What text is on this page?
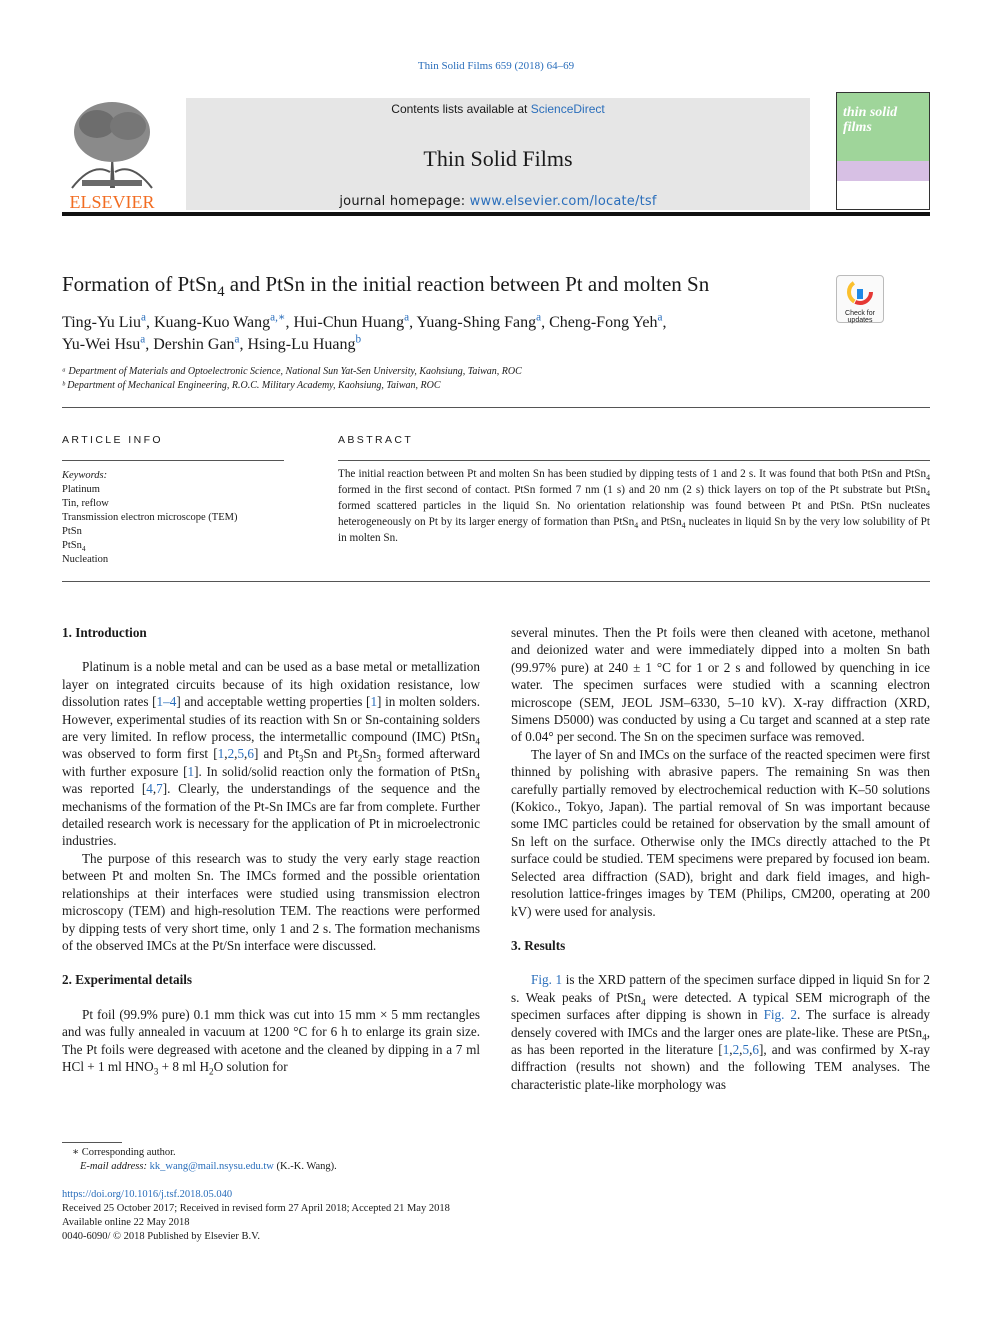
Thin Solid Films 659 (2018) 64–69
ELSEVIER
Contents lists available at ScienceDirect
Thin Solid Films
journal homepage: www.elsevier.com/locate/tsf
thin solid films
Formation of PtSn$_4$ and PtSn in the initial reaction between Pt and molten Sn
Check for
updates
Ting-Yu Liu$^a$, Kuang-Kuo Wang$^{a,∗}$, Hui-Chun Huang$^a$, Yuang-Shing Fang$^a$, Cheng-Fong Yeh$^a$,
Yu-Wei Hsu$^a$, Dershin Gan$^a$, Hsing-Lu Huang$^b$
ᵃ Department of Materials and Optoelectronic Science, National Sun Yat-Sen University, Kaohsiung, Taiwan, ROC
ᵇ Department of Mechanical Engineering, R.O.C. Military Academy, Kaohsiung, Taiwan, ROC
ARTICLE INFO
Keywords:
Platinum
Tin, reflow
Transmission electron microscope (TEM)
PtSn
PtSn$_4$
Nucleation
ABSTRACT
The initial reaction between Pt and molten Sn has been studied by dipping tests of 1 and 2 s. It was found that both PtSn and PtSn$_4$ formed in the first second of contact. PtSn formed 7 nm (1 s) and 20 nm (2 s) thick layers on top of the Pt substrate but PtSn$_4$ formed scattered particles in the liquid Sn. No orientation relationship was found between Pt and PtSn. PtSn nucleates heterogeneously on Pt by its larger energy of formation than PtSn$_4$ and PtSn$_4$ nucleates in liquid Sn by the very low solubility of Pt in molten Sn.
1. Introduction

Platinum is a noble metal and can be used as a base metal or metallization layer on integrated circuits because of its high oxidation resistance, low dissolution rates [1–4] and acceptable wetting properties [1] in molten solders. However, experimental studies of its reaction with Sn or Sn-containing solders are very limited. In reflow process, the intermetallic compound (IMC) PtSn$_4$ was observed to form first [1,2,5,6] and $Pt_3Sn$ and $Pt_2Sn_3$ formed afterward with further exposure [1]. In solid/solid reaction only the formation of PtSn$_4$ was reported [4,7]. Clearly, the understandings of the sequence and the mechanisms of the formation of the Pt-Sn IMCs are far from complete. Further detailed research work is necessary for the application of Pt in microelectronic industries.

The purpose of this research was to study the very early stage reaction between Pt and molten Sn. The IMCs formed and the possible orientation relationships at their interfaces were studied using transmission electron microscopy (TEM) and high-resolution TEM. The reactions were performed by dipping tests of very short time, only 1 and 2 s. The formation mechanisms of the observed IMCs at the Pt/Sn interface were discussed.

2. Experimental details

Pt foil (99.9% pure) 0.1 mm thick was cut into 15 mm × 5 mm rectangles and was fully annealed in vacuum at 1200 °C for 6 h to enlarge its grain size. The Pt foils were degreased with acetone and the cleaned by dipping in a 7 ml HCl + 1 ml $HNO_3 + 8$ ml $H_2O$ solution for

several minutes. Then the Pt foils were then cleaned with acetone, methanol and deionized water and were immediately dipped into a molten Sn bath (99.97% pure) at 240 ± 1 °C for 1 or 2 s and followed by quenching in ice water. The specimen surfaces were studied with a scanning electron microscope (SEM, JEOL JSM–6330, 5–10 kV). X-ray diffraction (XRD, Simens D5000) was conducted by using a Cu target and scanned at a step rate of 0.04° per second. The Sn on the specimen surface was removed.

The layer of Sn and IMCs on the surface of the reacted specimen were first thinned by polishing with abrasive papers. The remaining Sn was then carefully partially removed by electrochemical reduction with K–50 solutions (Kokico., Tokyo, Japan). The partial removal of Sn was important because some IMC particles could be retained for observation by the small amount of Sn left on the surface. Otherwise only the IMCs directly attached to the Pt surface could be studied. TEM specimens were prepared by focused ion beam. Selected area diffraction (SAD), bright and dark field images, and high-resolution lattice-fringes images by TEM (Philips, CM200, operating at 200 kV) were used for analysis.

3. Results

Fig. 1 is the XRD pattern of the specimen surface dipped in liquid Sn for 2 s. Weak peaks of PtSn$_4$ were detected. A typical SEM micrograph of the specimen surfaces after dipping is shown in Fig. 2. The surface is already densely covered with IMCs and the larger ones are plate-like. These are PtSn$_4$, as has been reported in the literature [1,2,5,6], and was confirmed by X-ray diffraction (results not shown) and the following TEM analyses. The characteristic plate-like morphology was

∗ Corresponding author.
E-mail address: kk_wang@mail.nsysu.edu.tw (K.-K. Wang).
https://doi.org/10.1016/j.tsf.2018.05.040
Received 25 October 2017; Received in revised form 27 April 2018; Accepted 21 May 2018
Available online 22 May 2018
0040-6090/ © 2018 Published by Elsevier B.V.
